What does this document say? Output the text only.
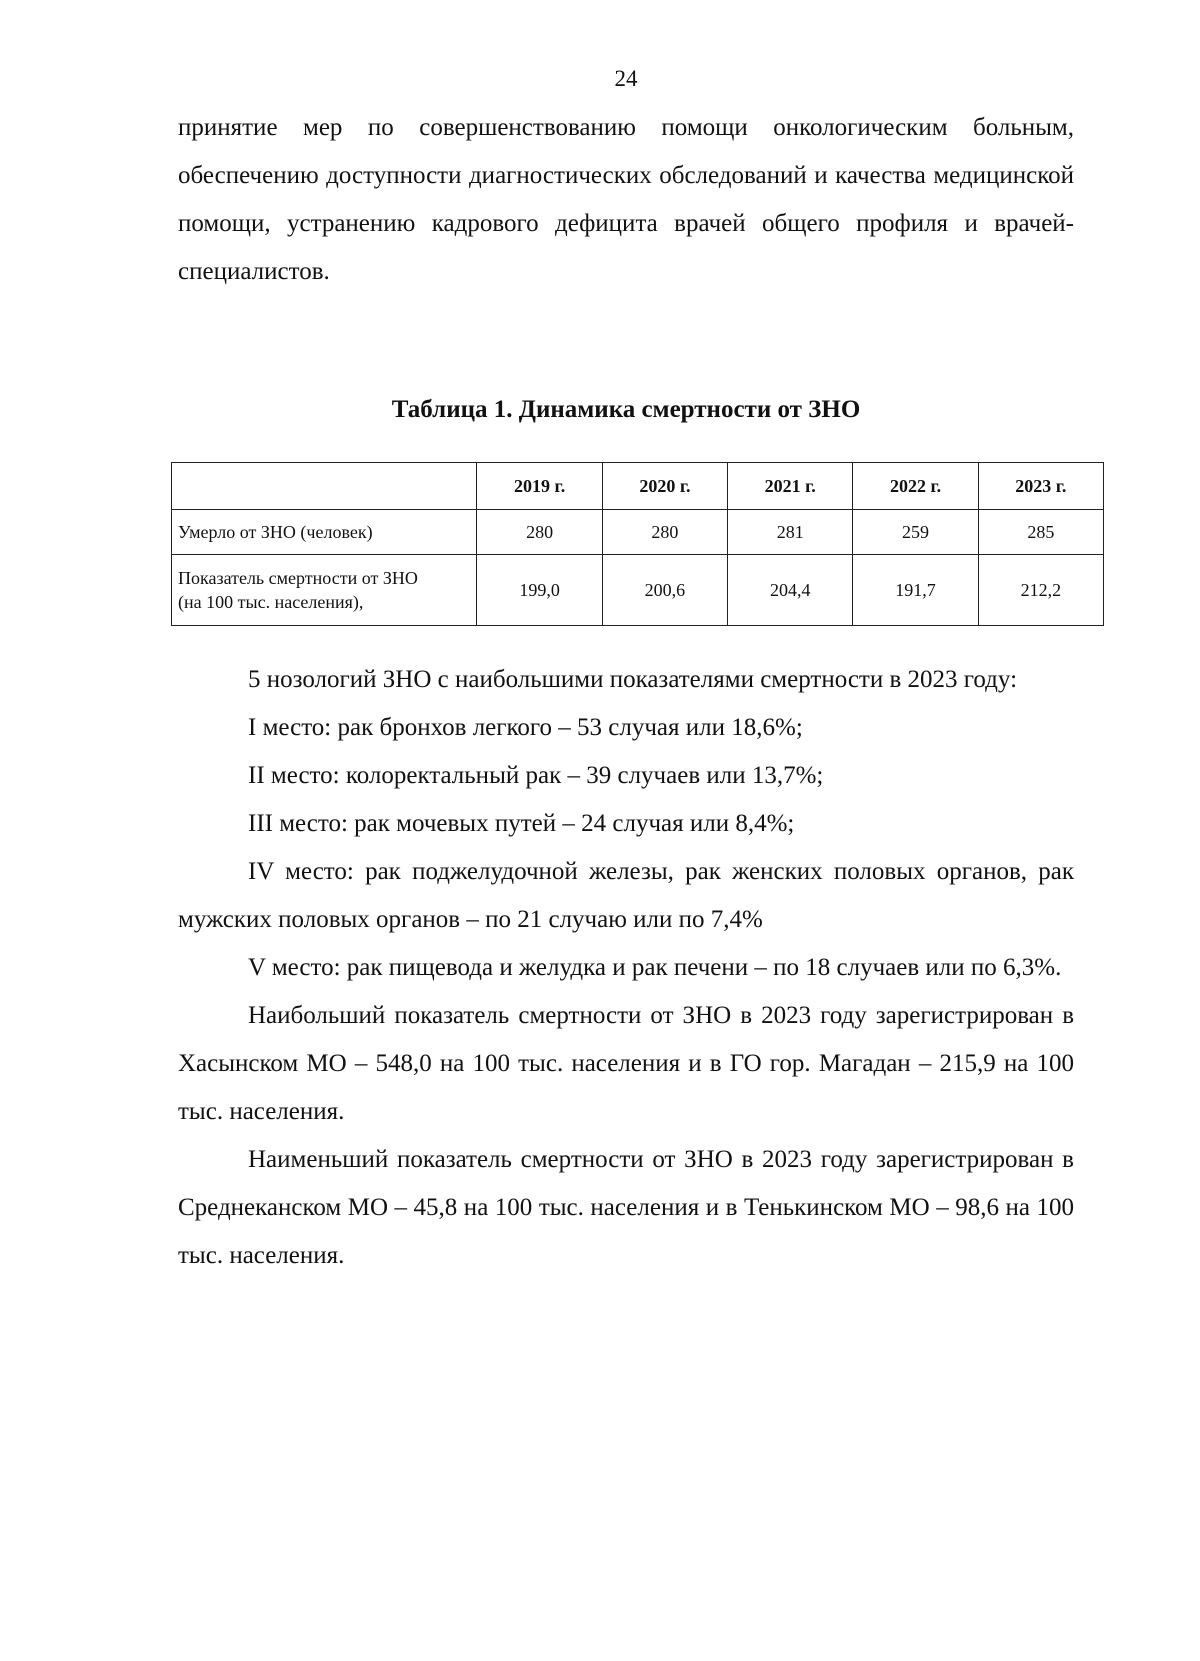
24

принятие мер по совершенствованию помощи онкологическим больным, обеспечению доступности диагностических обследований и качества медицинской помощи, устранению кадрового дефицита врачей общего профиля и врачей-специалистов.

Таблица 1. Динамика смертности от ЗНО
	2019 г.	2020 г.	2021 г.	2022 г.	2023 г.
Умерло от ЗНО (человек)	280	280	281	259	285

Показатель смертности от ЗНО
(на 100 тыс. населения),	199,0	200,6	204,4	191,7	212,2

5 нозологий ЗНО с наибольшими показателями смертности в 2023 году:

I место: рак бронхов легкого – 53 случая или 18,6%;

II место: колоректальный рак – 39 случаев или 13,7%;

III место: рак мочевых путей – 24 случая или 8,4%;

IV место: рак поджелудочной железы, рак женских половых органов, рак мужских половых органов – по 21 случаю или по 7,4%

V место: рак пищевода и желудка и рак печени – по 18 случаев или по 6,3%.

Наибольший показатель смертности от ЗНО в 2023 году зарегистрирован в Хасынском МО – 548,0 на 100 тыс. населения и в ГО гор. Магадан – 215,9 на 100 тыс. населения.

Наименьший показатель смертности от ЗНО в 2023 году зарегистрирован в Среднеканском МО – 45,8 на 100 тыс. населения и в Тенькинском МО – 98,6 на 100 тыс. населения.
